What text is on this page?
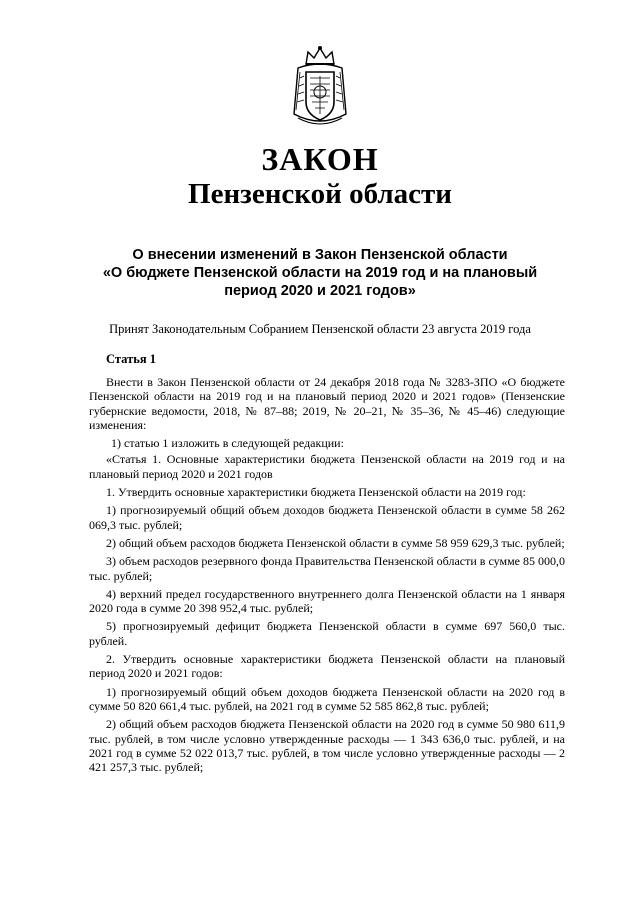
ЗАКОН
Пензенской области
О внесении изменений в Закон Пензенской области
«О бюджете Пензенской области на 2019 год и на плановый
период 2020 и 2021 годов»
Принят Законодательным Собранием Пензенской области 23 августа 2019 года
Статья 1

Внести в Закон Пензенской области от 24 декабря 2018 года № 3283-ЗПО «О бюджете Пензенской области на 2019 год и на плановый период 2020 и 2021 годов» (Пензенские губернские ведомости, 2018, № 87–88; 2019, № 20–21, № 35–36, № 45–46) следующие изменения:

1) статью 1 изложить в следующей редакции:

«Статья 1. Основные характеристики бюджета Пензенской области на 2019 год и на плановый период 2020 и 2021 годов

1. Утвердить основные характеристики бюджета Пензенской области на 2019 год:

1) прогнозируемый общий объем доходов бюджета Пензенской области в сумме 58 262 069,3 тыс. рублей;

2) общий объем расходов бюджета Пензенской области в сумме 58 959 629,3 тыс. рублей;

3) объем расходов резервного фонда Правительства Пензенской области в сумме 85 000,0 тыс. рублей;

4) верхний предел государственного внутреннего долга Пензенской области на 1 января 2020 года в сумме 20 398 952,4 тыс. рублей;

5) прогнозируемый дефицит бюджета Пензенской области в сумме 697 560,0 тыс. рублей.

2. Утвердить основные характеристики бюджета Пензенской области на плановый период 2020 и 2021 годов:

1) прогнозируемый общий объем доходов бюджета Пензенской области на 2020 год в сумме 50 820 661,4 тыс. рублей, на 2021 год в сумме 52 585 862,8 тыс. рублей;

2) общий объем расходов бюджета Пензенской области на 2020 год в сумме 50 980 611,9 тыс. рублей, в том числе условно утвержденные расходы — 1 343 636,0 тыс. рублей, и на 2021 год в сумме 52 022 013,7 тыс. рублей, в том числе условно утвержденные расходы — 2 421 257,3 тыс. рублей;
